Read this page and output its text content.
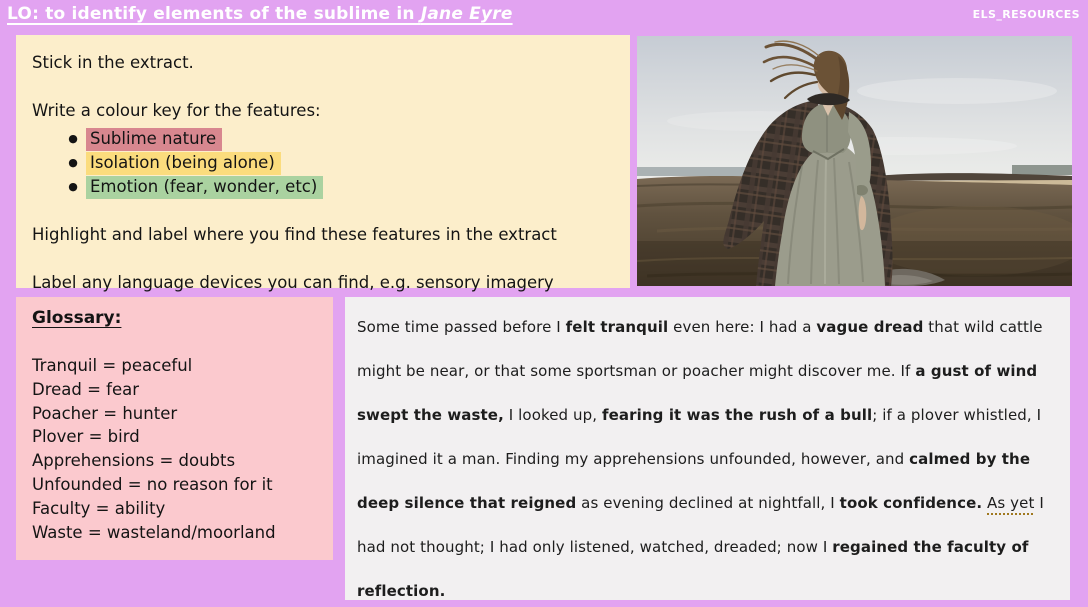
LO: to identify elements of the sublime in Jane Eyre	ELS_RESOURCES

Stick in the extract.

Write a colour key for the features:

● Sublime nature
● Isolation (being alone)
● Emotion (fear, wonder, etc)

Highlight and label where you find these features in the extract

Label any language devices you can find, e.g. sensory imagery

Glossary:

Tranquil = peaceful
Dread = fear
Poacher = hunter
Plover = bird
Apprehensions = doubts
Unfounded = no reason for it
Faculty = ability
Waste = wasteland/moorland
Some time passed before I felt tranquil even here: I had a vague dread that wild cattle might be near, or that some sportsman or poacher might discover me. If a gust of wind swept the waste, I looked up, fearing it was the rush of a bull; if a plover whistled, I imagined it a man. Finding my apprehensions unfounded, however, and calmed by the deep silence that reigned as evening declined at nightfall, I took confidence. As yet I had not thought; I had only listened, watched, dreaded; now I regained the faculty of reflection.
